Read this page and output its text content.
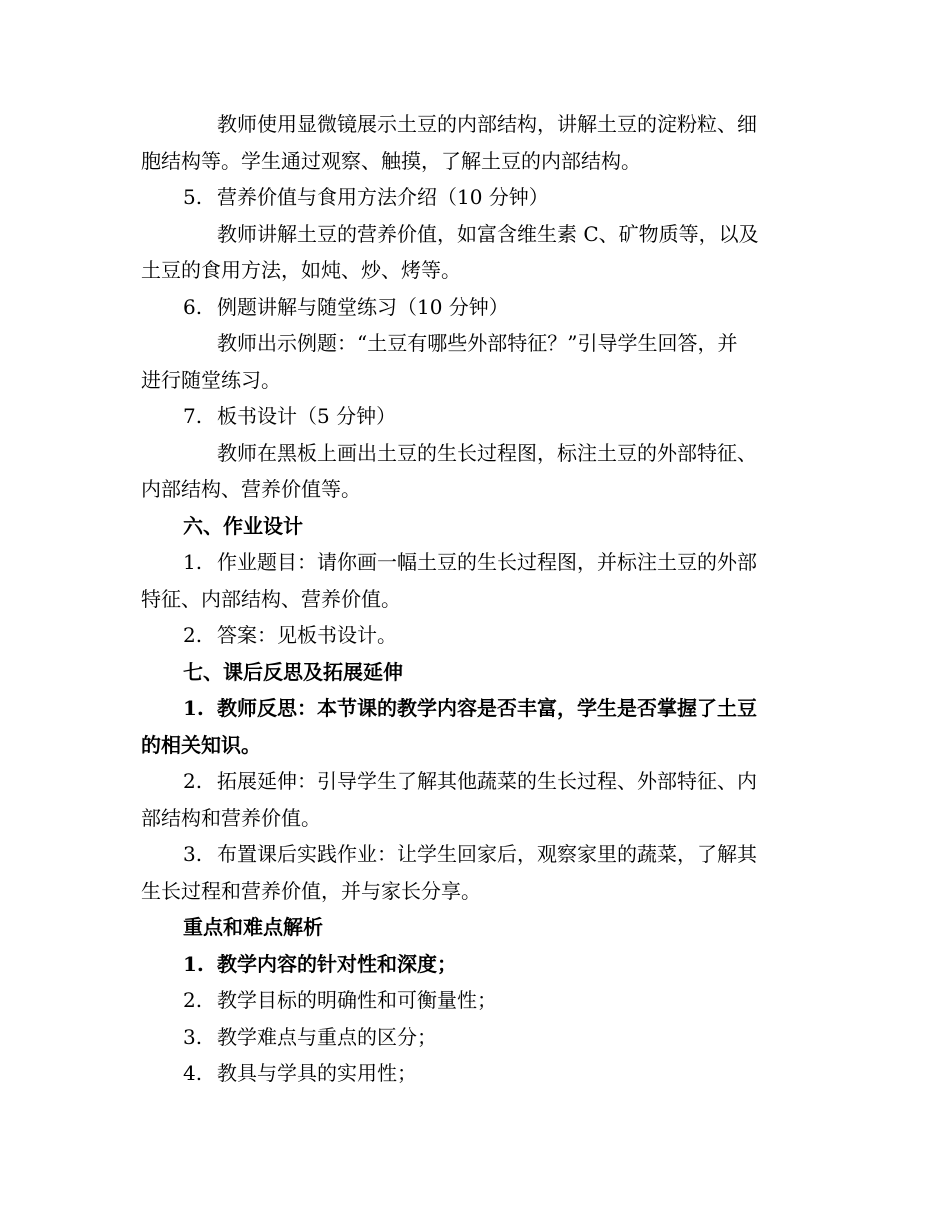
教师使用显微镜展示土豆的内部结构，讲解土豆的淀粉粒、细
胞结构等。学生通过观察、触摸，了解土豆的内部结构。
5. 营养价值与食用方法介绍（10 分钟）
教师讲解土豆的营养价值，如富含维生素 C、矿物质等，以及
土豆的食用方法，如炖、炒、烤等。
6. 例题讲解与随堂练习（10 分钟）
教师出示例题：“土豆有哪些外部特征？”引导学生回答，并
进行随堂练习。
7. 板书设计（5 分钟）
教师在黑板上画出土豆的生长过程图，标注土豆的外部特征、
内部结构、营养价值等。
六、作业设计
1. 作业题目：请你画一幅土豆的生长过程图，并标注土豆的外部
特征、内部结构、营养价值。
2. 答案：见板书设计。
七、课后反思及拓展延伸
1. 教师反思：本节课的教学内容是否丰富，学生是否掌握了土豆
的相关知识。
2. 拓展延伸：引导学生了解其他蔬菜的生长过程、外部特征、内
部结构和营养价值。
3. 布置课后实践作业：让学生回家后，观察家里的蔬菜，了解其
生长过程和营养价值，并与家长分享。
重点和难点解析
1. 教学内容的针对性和深度；
2. 教学目标的明确性和可衡量性；
3. 教学难点与重点的区分；
4. 教具与学具的实用性；
